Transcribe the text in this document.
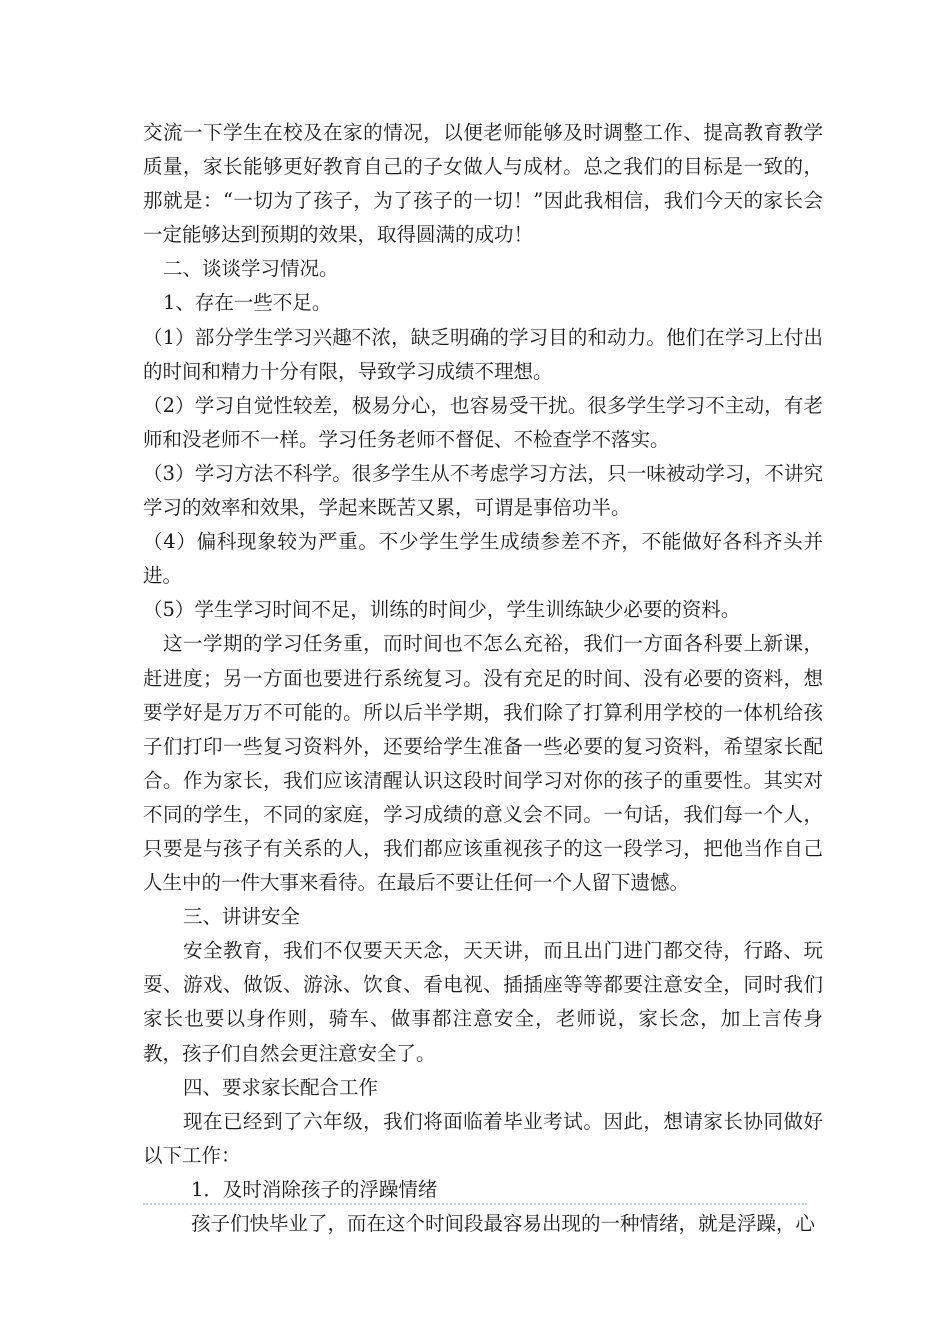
交流一下学生在校及在家的情况，以便老师能够及时调整工作、提高教育教学质量，家长能够更好教育自己的子女做人与成材。总之我们的目标是一致的，那就是：“一切为了孩子，为了孩子的一切！”因此我相信，我们今天的家长会一定能够达到预期的效果，取得圆满的成功！

二、谈谈学习情况。

1、存在一些不足。

（1）部分学生学习兴趣不浓，缺乏明确的学习目的和动力。他们在学习上付出的时间和精力十分有限，导致学习成绩不理想。

（2）学习自觉性较差，极易分心，也容易受干扰。很多学生学习不主动，有老师和没老师不一样。学习任务老师不督促、不检查学不落实。

（3）学习方法不科学。很多学生从不考虑学习方法，只一味被动学习，不讲究学习的效率和效果，学起来既苦又累，可谓是事倍功半。

（4）偏科现象较为严重。不少学生学生成绩参差不齐，不能做好各科齐头并进。

（5）学生学习时间不足，训练的时间少，学生训练缺少必要的资料。

这一学期的学习任务重，而时间也不怎么充裕，我们一方面各科要上新课，赶进度；另一方面也要进行系统复习。没有充足的时间、没有必要的资料，想要学好是万万不可能的。所以后半学期，我们除了打算利用学校的一体机给孩子们打印一些复习资料外，还要给学生准备一些必要的复习资料，希望家长配合。作为家长，我们应该清醒认识这段时间学习对你的孩子的重要性。其实对不同的学生，不同的家庭，学习成绩的意义会不同。一句话，我们每一个人，只要是与孩子有关系的人，我们都应该重视孩子的这一段学习，把他当作自己人生中的一件大事来看待。在最后不要让任何一个人留下遗憾。

三、讲讲安全

安全教育，我们不仅要天天念，天天讲，而且出门进门都交待，行路、玩耍、游戏、做饭、游泳、饮食、看电视、插插座等等都要注意安全，同时我们家长也要以身作则，骑车、做事都注意安全，老师说，家长念，加上言传身教，孩子们自然会更注意安全了。

四、要求家长配合工作

现在已经到了六年级，我们将面临着毕业考试。因此，想请家长协同做好以下工作：

1．及时消除孩子的浮躁情绪

孩子们快毕业了，而在这个时间段最容易出现的一种情绪，就是浮躁，心
